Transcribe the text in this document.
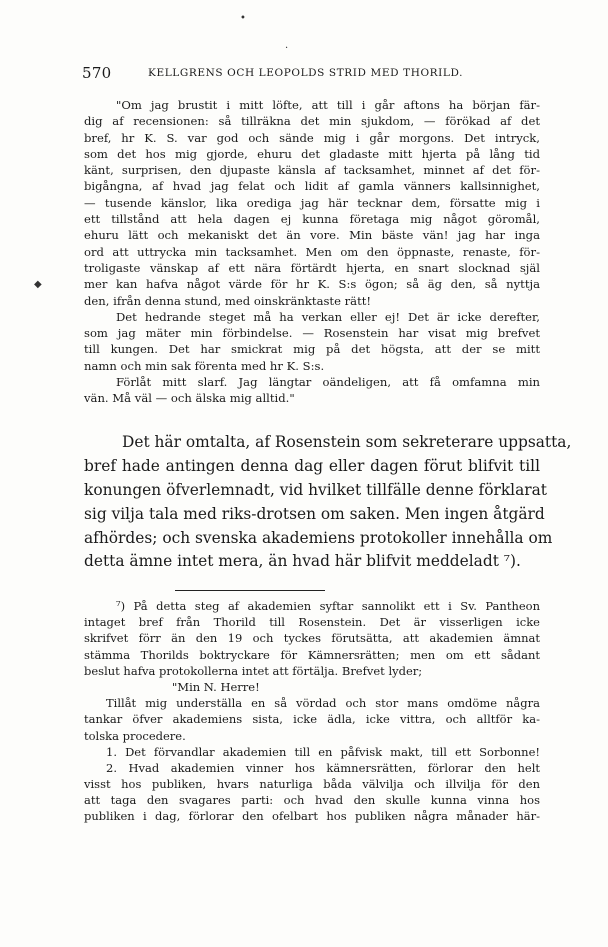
•
·
◆
570	KELLGRENS OCH LEOPOLDS STRID MED THORILD.
"Om jag brustit i mitt löfte, att till i går aftons ha början fär-
dig af recensionen: så tillräkna det min sjukdom, — förökad af det
bref, hr K. S. var god och sände mig i går morgons. Det intryck,
som det hos mig gjorde, ehuru det gladaste mitt hjerta på lång tid
känt, surprisen, den djupaste känsla af tacksamhet, minnet af det för-
bigångna, af hvad jag felat och lidit af gamla vänners kallsinnighet,
— tusende känslor, lika orediga jag här tecknar dem, försatte mig i
ett tillstånd att hela dagen ej kunna företaga mig något göromål,
ehuru lätt och mekaniskt det än vore. Min bäste vän! jag har inga
ord att uttrycka min tacksamhet. Men om den öppnaste, renaste, för-
troligaste vänskap af ett nära förtärdt hjerta, en snart slocknad själ
mer kan hafva något värde för hr K. S:s ögon; så äg den, så nyttja
den, ifrån denna stund, med oinskränktaste rätt!
Det hedrande steget må ha verkan eller ej! Det är icke derefter,
som jag mäter min förbindelse. — Rosenstein har visat mig brefvet
till kungen. Det har smickrat mig på det högsta, att der se mitt
namn och min sak förenta med hr K. S:s.
Förlåt mitt slarf. Jag längtar oändeligen, att få omfamna min
vän. Må väl — och älska mig alltid."
Det här omtalta, af Rosenstein som sekreterare uppsatta,
bref hade antingen denna dag eller dagen förut blifvit till
konungen öfverlemnadt, vid hvilket tillfälle denne förklarat
sig vilja tala med riks-drotsen om saken. Men ingen åtgärd
afhördes; och svenska akademiens protokoller innehålla om
detta ämne intet mera, än hvad här blifvit meddeladt ⁷).
⁷) På detta steg af akademien syftar sannolikt ett i Sv. Pantheon
intaget bref från Thorild till Rosenstein. Det är visserligen icke
skrifvet förr än den 19 och tyckes förutsätta, att akademien ämnat
stämma Thorilds boktryckare för Kämnersrätten; men om ett sådant
beslut hafva protokollerna intet att förtälja. Brefvet lyder;
"Min N. Herre!
Tillåt mig underställa en så vördad och stor mans omdöme några
tankar öfver akademiens sista, icke ädla, icke vittra, och alltför ka-
tolska procedere.
1. Det förvandlar akademien till en påfvisk makt, till ett Sorbonne!
2. Hvad akademien vinner hos kämnersrätten, förlorar den helt
visst hos publiken, hvars naturliga båda välvilja och illvilja för den
att taga den svagares parti: och hvad den skulle kunna vinna hos
publiken i dag, förlorar den ofelbart hos publiken några månader här-
